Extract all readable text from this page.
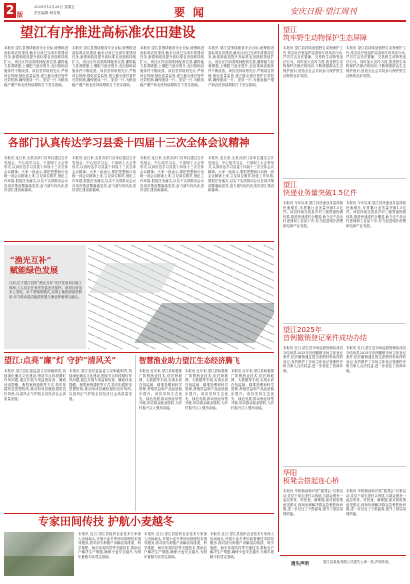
2 版
2025年12月26日 星期五
责任编辑:杨雪桃	要 闻	安庆日报·望江周刊
望江有序推进高标准农田建设
本报讯 望江县围绕粮食安全目标,统筹推进高标准农田建设,截至目前已完成年度建设任务,新建和改造提升高标准农田面积持续扩大。项目区内沟渠路林配套完善,灌排能力显著增强,土壤肥力逐步提升,农田基础设施条件不断改善。该县坚持规划先行,严格项目管理,强化质量监管,建立健全建后管护长效机制,确保建成一片、见效一片,为粮食稳产增产和农民持续增收打下坚实基础。
本报讯 望江县围绕粮食安全目标,统筹推进高标准农田建设,截至目前已完成年度建设任务,新建和改造提升高标准农田面积持续扩大。项目区内沟渠路林配套完善,灌排能力显著增强,土壤肥力逐步提升,农田基础设施条件不断改善。该县坚持规划先行,严格项目管理,强化质量监管,建立健全建后管护长效机制,确保建成一片、见效一片,为粮食稳产增产和农民持续增收打下坚实基础。
本报讯 望江县围绕粮食安全目标,统筹推进高标准农田建设,截至目前已完成年度建设任务,新建和改造提升高标准农田面积持续扩大。项目区内沟渠路林配套完善,灌排能力显著增强,土壤肥力逐步提升,农田基础设施条件不断改善。该县坚持规划先行,严格项目管理,强化质量监管,建立健全建后管护长效机制,确保建成一片、见效一片,为粮食稳产增产和农民持续增收打下坚实基础。
本报讯 望江县围绕粮食安全目标,统筹推进高标准农田建设,截至目前已完成年度建设任务,新建和改造提升高标准农田面积持续扩大。项目区内沟渠路林配套完善,灌排能力显著增强,土壤肥力逐步提升,农田基础设施条件不断改善。该县坚持规划先行,严格项目管理,强化质量监管,建立健全建后管护长效机制,确保建成一片、见效一片,为粮食稳产增产和农民持续增收打下坚实基础。
各部门认真传达学习县委十四届十三次全体会议精神
本报讯 连日来,全县各部门各单位通过召开党组会、中心组学习会、干部职工大会等形式,认真传达学习县委十四届十三次全体会议精神。大家一致表示,要把思想和行动统一到会议精神上来,立足岗位职责,细化工作举措,狠抓任务落实,以实干实绩推动会议各项决策部署落地见效,奋力谱写现代化美好望江建设新篇章。
本报讯 连日来,全县各部门各单位通过召开党组会、中心组学习会、干部职工大会等形式,认真传达学习县委十四届十三次全体会议精神。大家一致表示,要把思想和行动统一到会议精神上来,立足岗位职责,细化工作举措,狠抓任务落实,以实干实绩推动会议各项决策部署落地见效,奋力谱写现代化美好望江建设新篇章。
本报讯 连日来,全县各部门各单位通过召开党组会、中心组学习会、干部职工大会等形式,认真传达学习县委十四届十三次全体会议精神。大家一致表示,要把思想和行动统一到会议精神上来,立足岗位职责,细化工作举措,狠抓任务落实,以实干实绩推动会议各项决策部署落地见效,奋力谱写现代化美好望江建设新篇章。
本报讯 连日来,全县各部门各单位通过召开党组会、中心组学习会、干部职工大会等形式,认真传达学习县委十四届十三次全体会议精神。大家一致表示,要把思想和行动统一到会议精神上来,立足岗位职责,细化工作举措,狠抓任务落实,以实干实绩推动会议各项决策部署落地见效,奋力谱写现代化美好望江建设新篇章。
“渔光互补”
赋能绿色发展
日前,位于望江县的“渔光互补”光伏发电项目施工现场,工人们正在有序安装光伏组件。该项目采用水上发电、水下养殖的模式,实现土地资源高效利用,有力推动清洁能源发展与渔业养殖相互融合。
望江:点亮“廉”灯 守护“清风关”
本报讯 望江县纪委监委立足职能职责,持续深化廉洁文化建设,围绕节点时段紧盯作风问题,通过开展专项监督检查、廉政谈话提醒、典型案例通报等方式,筑牢拒腐防变思想防线,推动形成崇廉拒腐的良好风尚,以清风正气护航全县经济社会高质量发展。
本报讯 望江县纪委监委立足职能职责,持续深化廉洁文化建设,围绕节点时段紧盯作风问题,通过开展专项监督检查、廉政谈话提醒、典型案例通报等方式,筑牢拒腐防变思想防线,推动形成崇廉拒腐的良好风尚,以清风正气护航全县经济社会高质量发展。
智慧渔业助力望江生态经济腾飞
本报讯 近年来,望江县积极推广智慧渔业技术,依托物联网、大数据等手段,实现水质在线监测、精准投喂和科学管理,养殖效益和产品品质稳步提升。该县坚持生态优先、绿色发展,推动渔业转型升级,带动群众就业增收,为乡村振兴注入强劲动能。
本报讯 近年来,望江县积极推广智慧渔业技术,依托物联网、大数据等手段,实现水质在线监测、精准投喂和科学管理,养殖效益和产品品质稳步提升。该县坚持生态优先、绿色发展,推动渔业转型升级,带动群众就业增收,为乡村振兴注入强劲动能。
本报讯 近年来,望江县积极推广智慧渔业技术,依托物联网、大数据等手段,实现水质在线监测、精准投喂和科学管理,养殖效益和产品品质稳步提升。该县坚持生态优先、绿色发展,推动渔业转型升级,带动群众就业增收,为乡村振兴注入强劲动能。
专家田间传技 护航小麦越冬
本报讯 近日,望江县组织农业技术专家深入田间地头,开展小麦冬季田间管理技术指导服务,面对面为种植户讲解清沟排渍、科学施肥、病虫草害防控等关键技术,帮助农户解决生产难题,确保小麦安全越冬,为明年夏粮丰收奠定基础。
本报讯 近日,望江县组织农业技术专家深入田间地头,开展小麦冬季田间管理技术指导服务,面对面为种植户讲解清沟排渍、科学施肥、病虫草害防控等关键技术,帮助农户解决生产难题,确保小麦安全越冬,为明年夏粮丰收奠定基础。
本报讯 近日,望江县组织农业技术专家深入田间地头,开展小麦冬季田间管理技术指导服务,面对面为种植户讲解清沟排渍、科学施肥、病虫草害防控等关键技术,帮助农户解决生产难题,确保小麦安全越冬,为明年夏粮丰收奠定基础。
望江
筑牢野生动物保护生态屏障
本报讯 望江县持续加强野生动物保护工作,常态化开展巡护巡查和专项执法行动,严厉打击非法猎捕、交易野生动物等违法行为。同时加大宣传力度,普及野生动物保护法律法规知识,不断增强群众生态保护意识,营造全社会共同参与保护野生动物的良好氛围。
本报讯 望江县持续加强野生动物保护工作,常态化开展巡护巡查和专项执法行动,严厉打击非法猎捕、交易野生动物等违法行为。同时加大宣传力度,普及野生动物保护法律法规知识,不断增强群众生态保护意识,营造全社会共同参与保护野生动物的良好氛围。
望江
快递业务量突破1.5亿件
本报讯 今年以来,望江县快递业务量持续快速增长,年度累计业务量突破1.5亿件。该县持续完善县乡村三级寄递物流体系,推进快递进村全覆盖,助力农产品出村进城和工业品下乡,有力促进城乡消费和电商产业发展。
本报讯 今年以来,望江县快递业务量持续快速增长,年度累计业务量突破1.5亿件。该县持续完善县乡村三级寄递物流体系,推进快递进村全覆盖,助力农产品出村进城和工业品下乡,有力促进城乡消费和电商产业发展。
望江2025年
首例撤销登记案件成功办结
本报讯 近日,望江县市场监督管理局成功办结该县2025年首例撤销市场主体登记案件,依法撤销通过提交虚假材料取得的登记,有效维护了市场主体登记管理秩序和当事人合法权益,进一步优化了营商环境。
本报讯 近日,望江县市场监督管理局成功办结该县2025年首例撤销市场主体登记案件,依法撤销通过提交虚假材料取得的登记,有效维护了市场主体登记管理秩序和当事人合法权益,进一步优化了营商环境。
华阳
板凳会搭起连心桥
本报讯 华阳镇创新开展“板凳会”议事活动,党员干部走进村头巷尾,与群众围坐一起拉家常、听民意、解难题,面对面收集意见建议,现场协调解决群众急难愁盼问题,进一步拉近了干群距离,提升了基层治理效能。
本报讯 华阳镇创新开展“板凳会”议事活动,党员干部走进村头巷尾,与群众围坐一起拉家常、听民意、解难题,面对面收集意见建议,现场协调解决群众急难愁盼问题,进一步拉近了干群距离,提升了基层治理效能。
遗失声明	望江县某某有限公司遗失公章一枚,声明作废。
